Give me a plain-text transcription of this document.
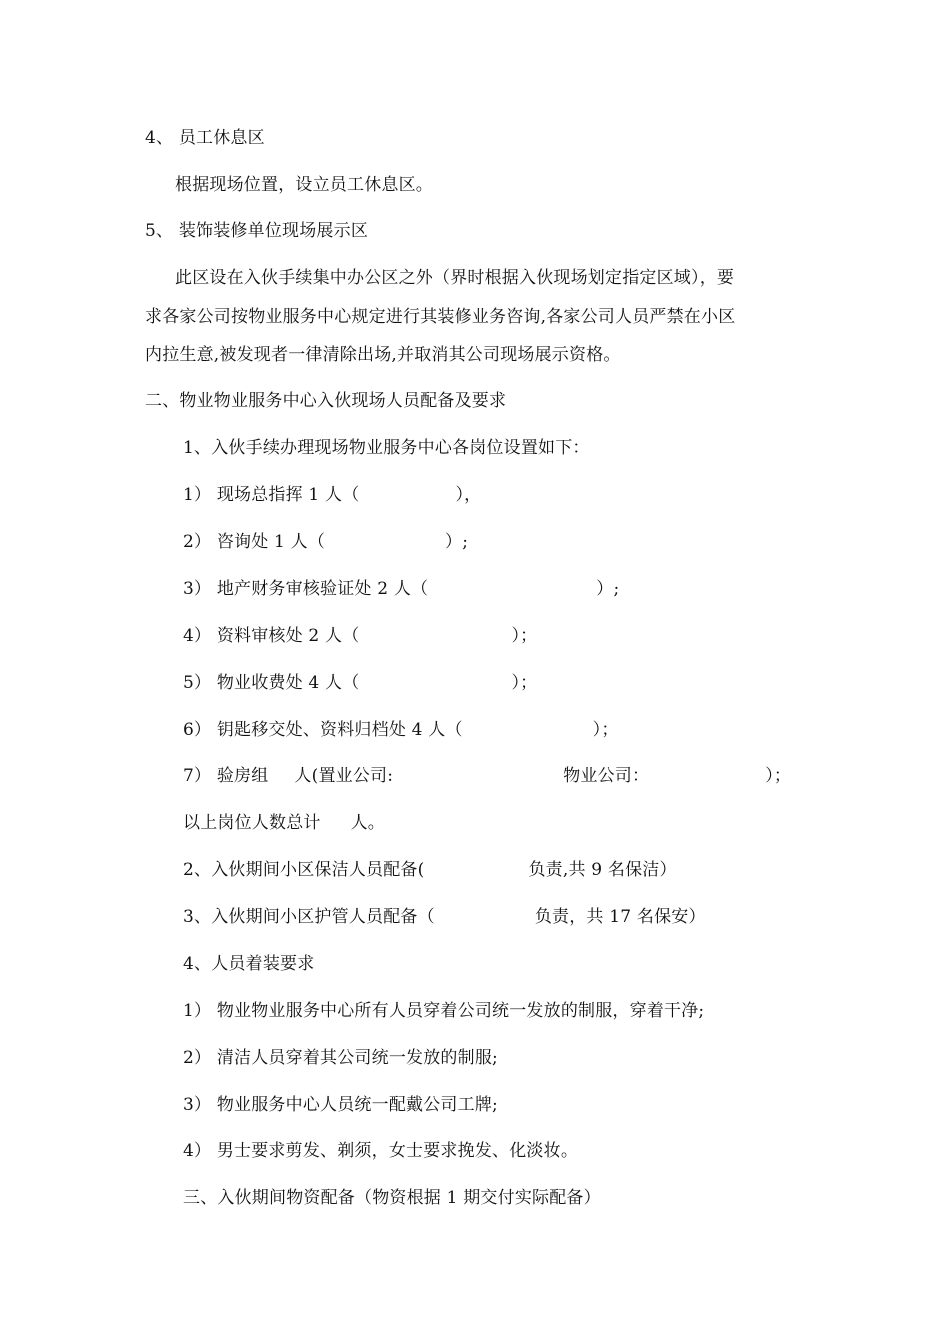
4、 员工休息区
根据现场位置，设立员工休息区。
5、 装饰装修单位现场展示区
此区设在入伙手续集中办公区之外（界时根据入伙现场划定指定区域），要
求各家公司按物业服务中心规定进行其装修业务咨询,各家公司人员严禁在小区
内拉生意,被发现者一律清除出场,并取消其公司现场展示资格。
二、物业物业服务中心入伙现场人员配备及要求
1、入伙手续办理现场物业服务中心各岗位设置如下：
1） 现场总指挥 1 人（	），
2） 咨询处 1 人（	）;
3） 地产财务审核验证处 2 人（	）;
4） 资料审核处 2 人（	）；
5） 物业收费处 4 人（	）；
6） 钥匙移交处、资料归档处 4 人（	）；
7） 验房组 人(置业公司:	物业公司：	）；
以上岗位人数总计 人。
2、入伙期间小区保洁人员配备(	负责,共 9 名保洁）
3、入伙期间小区护管人员配备（	负责，共 17 名保安）
4、人员着装要求
1） 物业物业服务中心所有人员穿着公司统一发放的制服，穿着干净;
2） 清洁人员穿着其公司统一发放的制服;
3） 物业服务中心人员统一配戴公司工牌;
4） 男士要求剪发、剃须，女士要求挽发、化淡妆。
三、入伙期间物资配备（物资根据 1 期交付实际配备）
